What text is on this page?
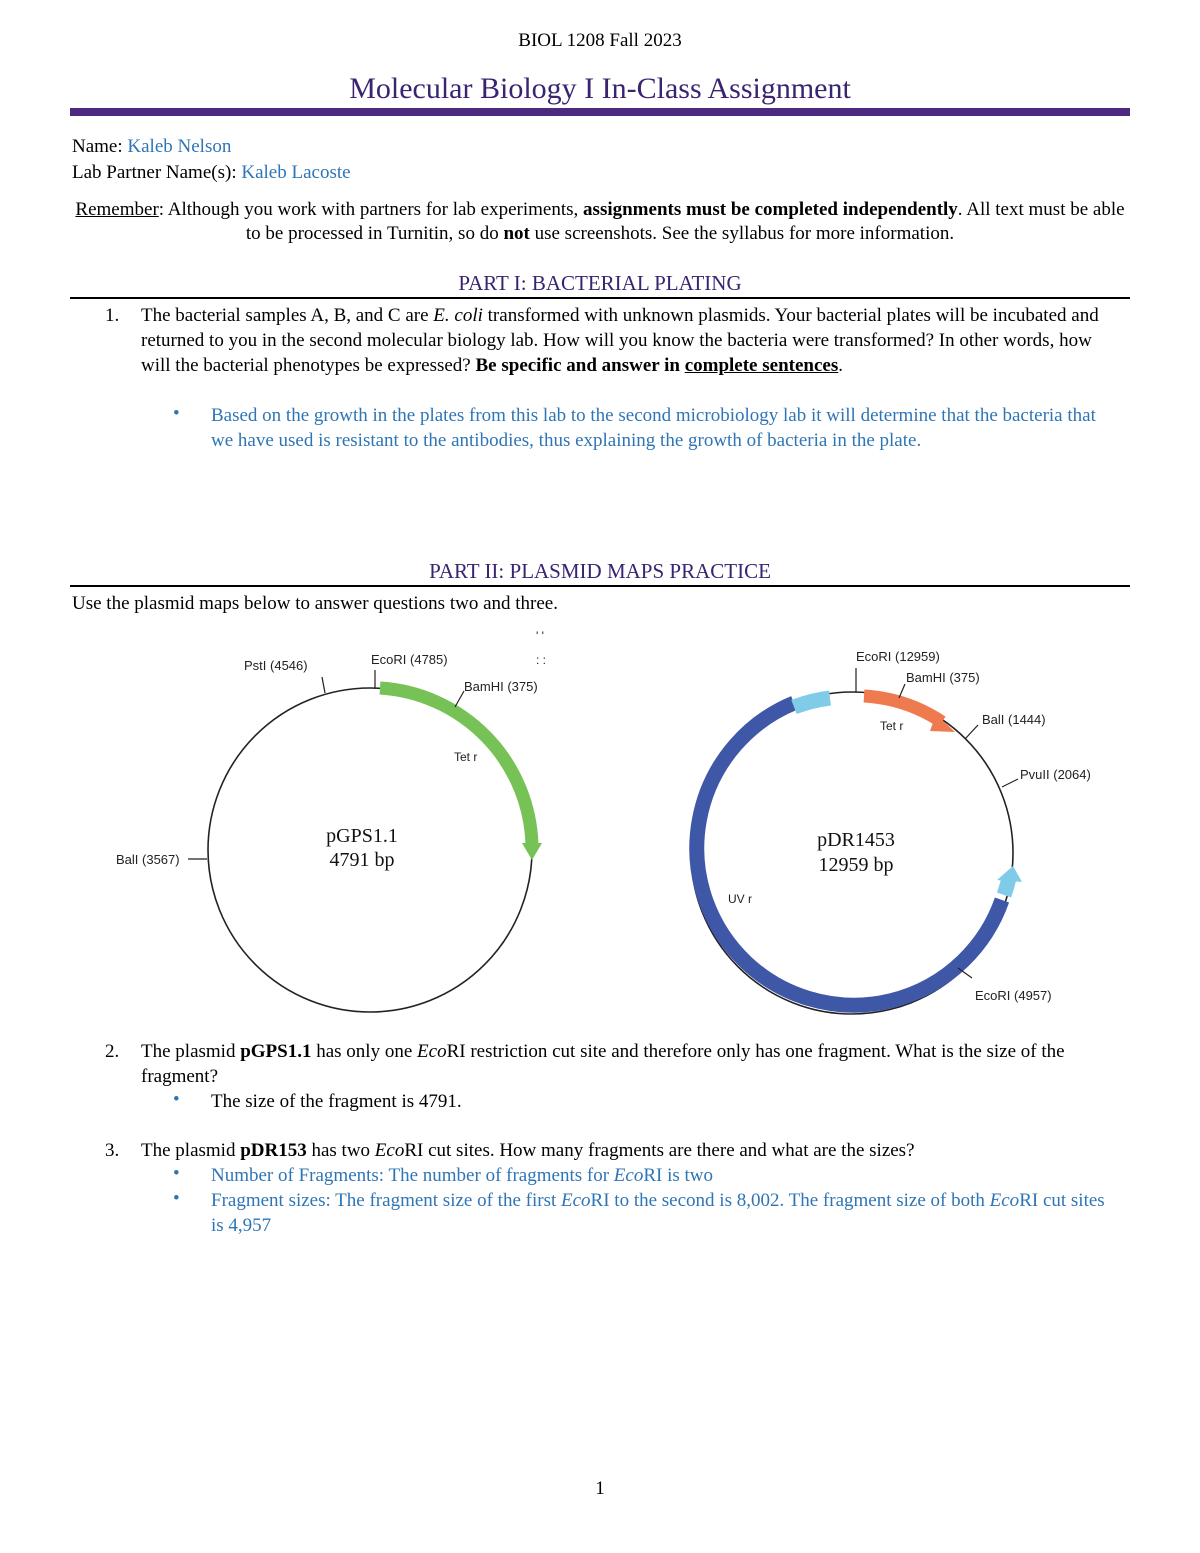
BIOL 1208 Fall 2023
Molecular Biology I In-Class Assignment
Name: Kaleb Nelson
Lab Partner Name(s): Kaleb Lacoste
Remember: Although you work with partners for lab experiments, assignments must be completed independently. All text must be able to be processed in Turnitin, so do not use screenshots. See the syllabus for more information.
PART I: BACTERIAL PLATING
1. The bacterial samples A, B, and C are E. coli transformed with unknown plasmids. Your bacterial plates will be incubated and returned to you in the second molecular biology lab. How will you know the bacteria were transformed? In other words, how will the bacterial phenotypes be expressed? Be specific and answer in complete sentences.
• Based on the growth in the plates from this lab to the second microbiology lab it will determine that the bacteria that we have used is resistant to the antibodies, thus explaining the growth of bacteria in the plate.
PART II: PLASMID MAPS PRACTICE
Use the plasmid maps below to answer questions two and three.
PstI (4546)	EcoRI (4785)
BamHI (375)
Tet r
BalI (3567)
pGPS1.1
4791 bp
' '
: :	EcoRI (12959)
BamHI (375)
Tet r	BalI (1444)
PvuII (2064)
UV r
EcoRI (4957)
pDR1453
12959 bp
2. The plasmid pGPS1.1 has only one EcoRI restriction cut site and therefore only has one fragment. What is the size of the fragment?
• The size of the fragment is 4791.
3. The plasmid pDR153 has two EcoRI cut sites. How many fragments are there and what are the sizes?
• Number of Fragments: The number of fragments for EcoRI is two
• Fragment sizes: The fragment size of the first EcoRI to the second is 8,002. The fragment size of both EcoRI cut sites is 4,957
1
